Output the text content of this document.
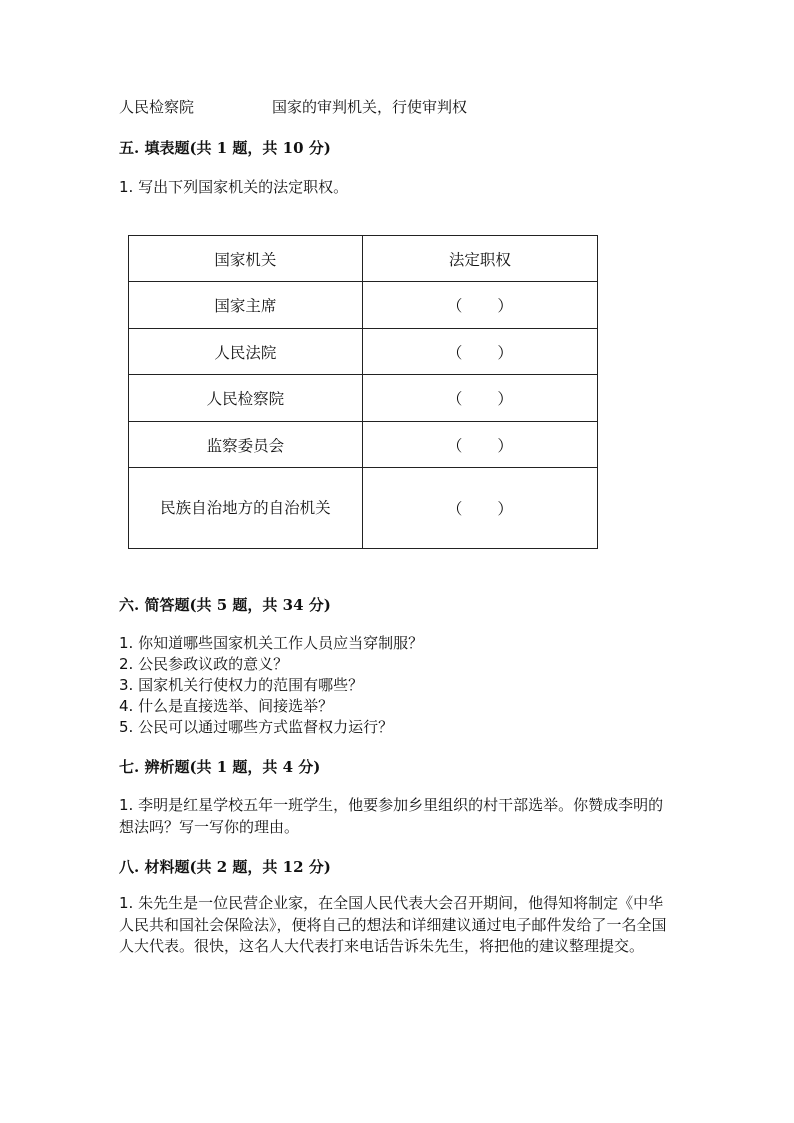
人民检察院	国家的审判机关，行使审判权
五. 填表题(共 1 题，共 10 分)
1. 写出下列国家机关的法定职权。
国家机关	法定职权
国家主席	（ ）

人民法院	（ ）

人民检察院	（ ）

监察委员会	（ ）

民族自治地方的自治机关	（ ）
六. 简答题(共 5 题，共 34 分)
1. 你知道哪些国家机关工作人员应当穿制服？
2. 公民参政议政的意义？
3. 国家机关行使权力的范围有哪些？
4. 什么是直接选举、间接选举？
5. 公民可以通过哪些方式监督权力运行？
七. 辨析题(共 1 题，共 4 分)
1. 李明是红星学校五年一班学生，他要参加乡里组织的村干部选举。你赞成李明的想法吗？写一写你的理由。
八. 材料题(共 2 题，共 12 分)
1. 朱先生是一位民营企业家，在全国人民代表大会召开期间，他得知将制定《中华人民共和国社会保险法》，便将自己的想法和详细建议通过电子邮件发给了一名全国人大代表。很快，这名人大代表打来电话告诉朱先生，将把他的建议整理提交。
